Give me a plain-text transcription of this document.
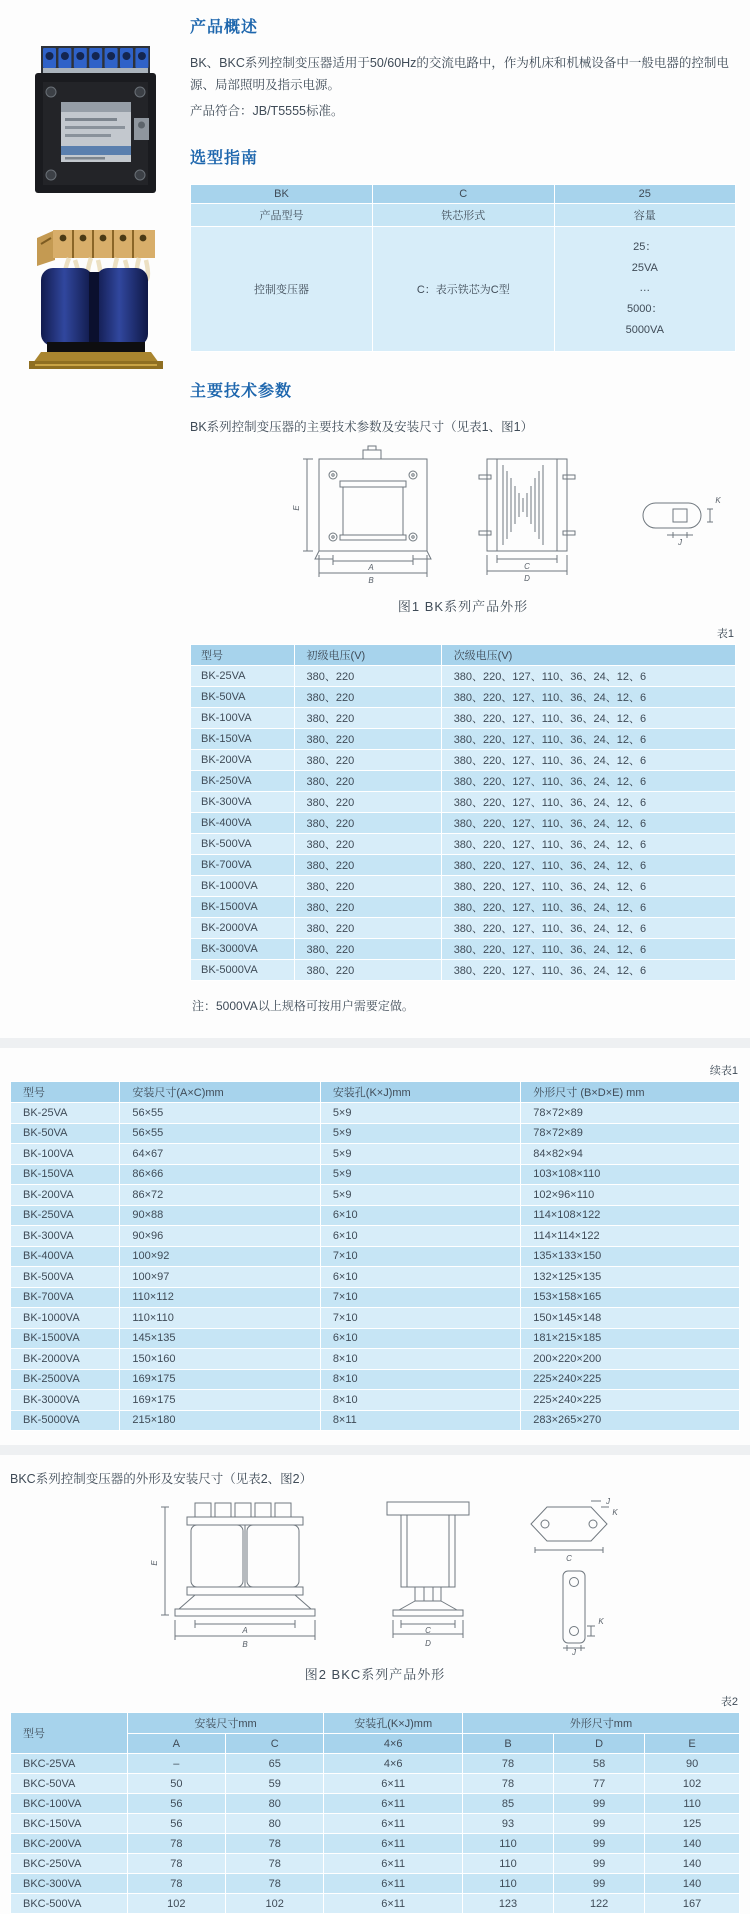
产品概述

BK、BKC系列控制变压器适用于50/60Hz的交流电路中，作为机床和机械设备中一般电器的控制电源、局部照明及指示电源。

产品符合：JB/T5555标准。

选型指南
BK	C	25
产品型号	铁芯形式	容量
控制变压器	C：表示铁芯为C型	25：
25VA
…
5000：
5000VA
主要技术参数

BK系列控制变压器的主要技术参数及安装尺寸（见表1、图1）

A
B
E
C
D
K
J
图1 BK系列产品外形
表1
型号	初级电压(V)	次级电压(V)
BK-25VA	380、220	380、220、127、110、36、24、12、6
BK-50VA	380、220	380、220、127、110、36、24、12、6
BK-100VA	380、220	380、220、127、110、36、24、12、6
BK-150VA	380、220	380、220、127、110、36、24、12、6
BK-200VA	380、220	380、220、127、110、36、24、12、6
BK-250VA	380、220	380、220、127、110、36、24、12、6
BK-300VA	380、220	380、220、127、110、36、24、12、6
BK-400VA	380、220	380、220、127、110、36、24、12、6
BK-500VA	380、220	380、220、127、110、36、24、12、6
BK-700VA	380、220	380、220、127、110、36、24、12、6
BK-1000VA	380、220	380、220、127、110、36、24、12、6
BK-1500VA	380、220	380、220、127、110、36、24、12、6
BK-2000VA	380、220	380、220、127、110、36、24、12、6
BK-3000VA	380、220	380、220、127、110、36、24、12、6
BK-5000VA	380、220	380、220、127、110、36、24、12、6

注：5000VA以上规格可按用户需要定做。

续表1
型号	安装尺寸(A×C)mm	安装孔(K×J)mm	外形尺寸 (B×D×E) mm
BK-25VA	56×55	5×9	78×72×89
BK-50VA	56×55	5×9	78×72×89
BK-100VA	64×67	5×9	84×82×94
BK-150VA	86×66	5×9	103×108×110
BK-200VA	86×72	5×9	102×96×110
BK-250VA	90×88	6×10	114×108×122
BK-300VA	90×96	6×10	114×114×122
BK-400VA	100×92	7×10	135×133×150
BK-500VA	100×97	6×10	132×125×135
BK-700VA	110×112	7×10	153×158×165
BK-1000VA	110×110	7×10	150×145×148
BK-1500VA	145×135	6×10	181×215×185
BK-2000VA	150×160	8×10	200×220×200
BK-2500VA	169×175	8×10	225×240×225
BK-3000VA	169×175	8×10	225×240×225
BK-5000VA	215×180	8×11	283×265×270

BKC系列控制变压器的外形及安装尺寸（见表2、图2）

E
A
B
C
D
J
K
C
K
J
图2 BKC系列产品外形
表2
型号	安装尺寸mm		安装孔(K×J)mm	外形尺寸mm		
	A	C	4×6	B	D	E
BKC-25VA	–	65	4×6	78	58	90
BKC-50VA	50	59	6×11	78	77	102
BKC-100VA	56	80	6×11	85	99	110
BKC-150VA	56	80	6×11	93	99	125
BKC-200VA	78	78	6×11	110	99	140
BKC-250VA	78	78	6×11	110	99	140
BKC-300VA	78	78	6×11	110	99	140
BKC-500VA	102	102	6×11	123	122	167
